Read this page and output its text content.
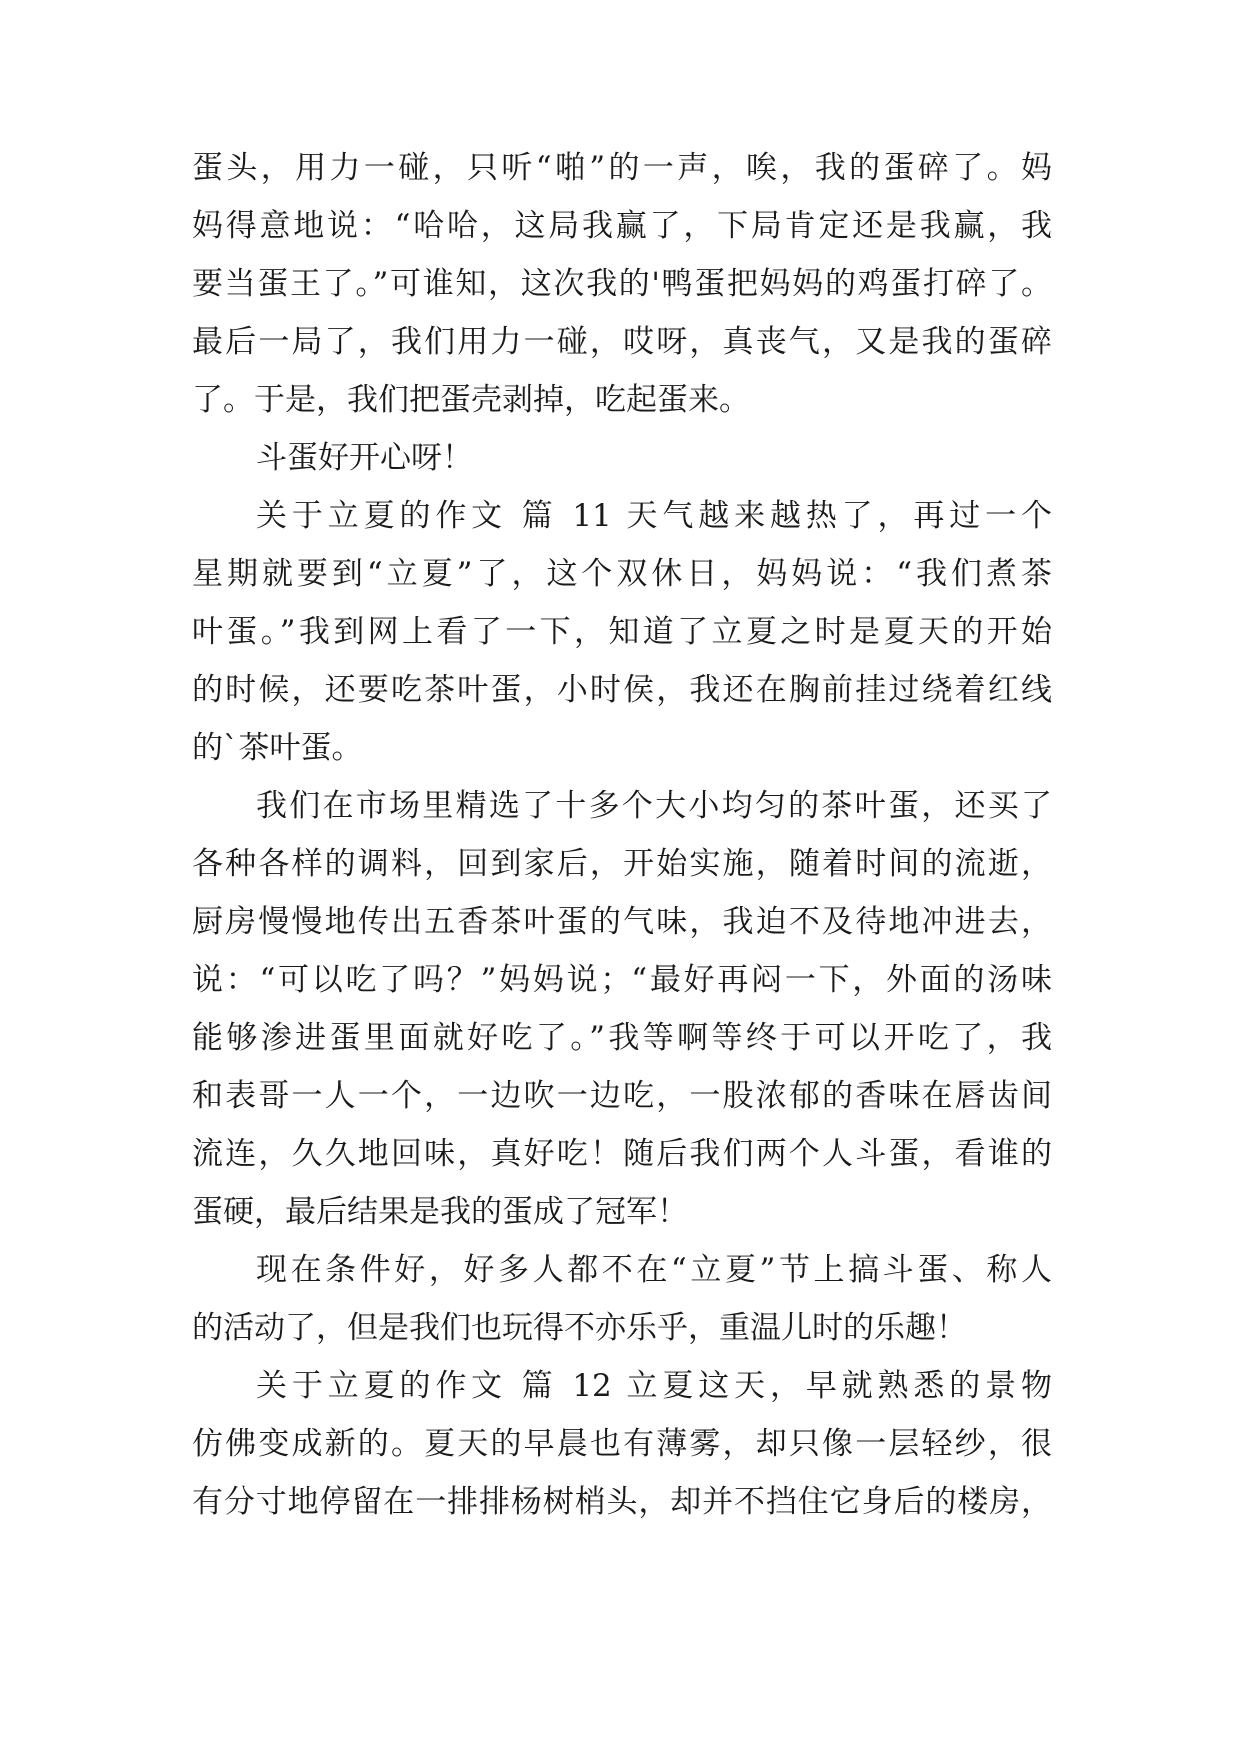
蛋头，用力一碰，只听“啪”的一声，唉，我的蛋碎了。妈
妈得意地说：“哈哈，这局我赢了，下局肯定还是我赢，我
要当蛋王了。”可谁知，这次我的'鸭蛋把妈妈的鸡蛋打碎了。
最后一局了，我们用力一碰，哎呀，真丧气，又是我的蛋碎
了。于是，我们把蛋壳剥掉，吃起蛋来。
斗蛋好开心呀！
关于立夏的作文 篇 11 天气越来越热了，再过一个
星期就要到“立夏”了，这个双休日，妈妈说：“我们煮茶
叶蛋。”我到网上看了一下，知道了立夏之时是夏天的开始
的时候，还要吃茶叶蛋，小时侯，我还在胸前挂过绕着红线
的`茶叶蛋。
我们在市场里精选了十多个大小均匀的茶叶蛋，还买了
各种各样的调料，回到家后，开始实施，随着时间的流逝，
厨房慢慢地传出五香茶叶蛋的气味，我迫不及待地冲进去，
说：“可以吃了吗？”妈妈说；“最好再闷一下，外面的汤味
能够渗进蛋里面就好吃了。”我等啊等终于可以开吃了，我
和表哥一人一个，一边吹一边吃，一股浓郁的香味在唇齿间
流连，久久地回味，真好吃！随后我们两个人斗蛋，看谁的
蛋硬，最后结果是我的蛋成了冠军！
现在条件好，好多人都不在“立夏”节上搞斗蛋、称人
的活动了，但是我们也玩得不亦乐乎，重温儿时的乐趣！
关于立夏的作文 篇 12 立夏这天，早就熟悉的景物
仿佛变成新的。夏天的早晨也有薄雾，却只像一层轻纱，很
有分寸地停留在一排排杨树梢头，却并不挡住它身后的楼房，
